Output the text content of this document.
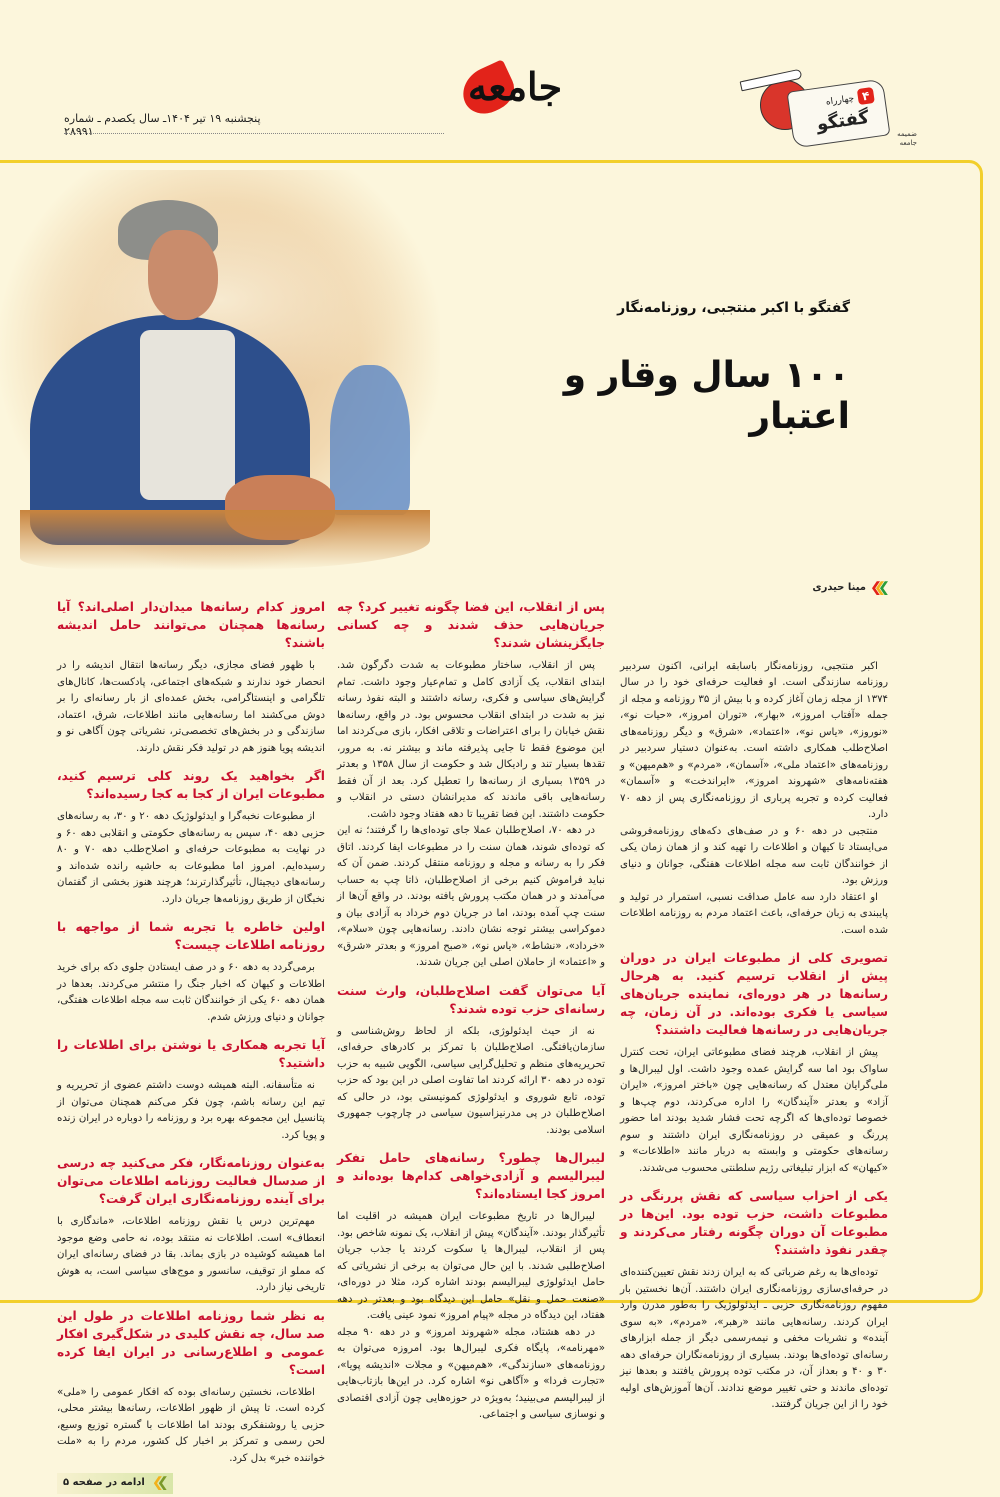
۴
چهارراه
گفتگو	ضمیمه جامعه
جامعه
پنجشنبه ۱۹ تیر ۱۴۰۴ـ سال یکصدم ـ شماره ۲۸۹۹۱
گفتگو با اکبر منتجبی، روزنامه‌نگار
۱۰۰ سال وقار و اعتبار
مینا حیدری

اکبر منتجبی، روزنامه‌نگار باسابقه ایرانی، اکنون سردبیر روزنامه سازندگی است. او فعالیت حرفه‌ای خود را در سال ۱۳۷۴ از مجله زمان آغاز کرده و با بیش از ۳۵ روزنامه و مجله از جمله «آفتاب امروز»، «بهار»، «توران امروز»، «حیات نو»، «نوروز»، «یاس نو»، «اعتماد»، «شرق» و دیگر روزنامه‌های اصلاح‌طلب همکاری داشته است. به‌عنوان دستیار سردبیر در روزنامه‌های «اعتماد ملی»، «آسمان»، «مردم» و «هم‌میهن» و هفته‌نامه‌های «شهروند امروز»، «ایراندخت» و «آسمان» فعالیت کرده و تجربه پرباری از روزنامه‌نگاری پس از دهه ۷۰ دارد.

منتجبی در دهه ۶۰ و در صف‌های دکه‌های روزنامه‌فروشی می‌ایستاد تا کیهان و اطلاعات را تهیه کند و از همان زمان یکی از خوانندگان ثابت سه مجله اطلاعات هفتگی، جوانان و دنیای ورزش بود.

او اعتقاد دارد سه عامل صداقت نسبی، استمرار در تولید و پایبندی به زبان حرفه‌ای، باعث اعتماد مردم به روزنامه اطلاعات شده است.

تصویری کلی از مطبوعات ایران در دوران پیش از انقلاب ترسیم کنید. به هرحال رسانه‌ها در هر دوره‌ای، نماینده جریان‌های سیاسی یا فکری بوده‌اند. در آن زمان، چه جریان‌هایی در رسانه‌ها فعالیت داشتند؟

پیش از انقلاب، هرچند فضای مطبوعاتی ایران، تحت کنترل ساواک بود اما سه گرایش عمده وجود داشت. اول لیبرال‌ها و ملی‌گرایان معتدل که رسانه‌هایی چون «باختر امروز»، «ایران آزاد» و بعدتر «آیندگان» را اداره می‌کردند، دوم چپ‌ها و خصوصا توده‌ای‌ها که اگرچه تحت فشار شدید بودند اما حضور پررنگ و عمیقی در روزنامه‌نگاری ایران داشتند و سوم رسانه‌های حکومتی و وابسته به دربار مانند «اطلاعات» و «کیهان» که ابزار تبلیغاتی رژیم سلطنتی محسوب می‌شدند.

یکی از احزاب سیاسی که نقش پررنگی در مطبوعات داشت، حزب توده بود. این‌ها در مطبوعات آن دوران چگونه رفتار می‌کردند و چقدر نفوذ داشتند؟

توده‌ای‌ها به رغم ضرباتی که به ایران زدند نقش تعیین‌کننده‌ای در حرفه‌ای‌سازی روزنامه‌نگاری ایران داشتند. آن‌ها نخستین بار مفهوم روزنامه‌نگاری حزبی ـ ایدئولوژیک را به‌طور مدرن وارد ایران کردند. رسانه‌هایی مانند «رهبر»، «مردم»، «به سوی آینده» و نشریات مخفی و نیمه‌رسمی دیگر از جمله ابزارهای رسانه‌ای توده‌ای‌ها بودند. بسیاری از روزنامه‌نگاران حرفه‌ای دهه ۳۰ و ۴۰ و بعداز آن، در مکتب توده پرورش یافتند و بعدها نیز توده‌ای ماندند و حتی تغییر موضع ندادند. آن‌ها آموزش‌های اولیه خود را از این جریان گرفتند.

پس از انقلاب، این فضا چگونه تغییر کرد؟ چه جریان‌هایی حذف شدند و چه کسانی جایگزینشان شدند؟

پس از انقلاب، ساختار مطبوعات به شدت دگرگون شد. ابتدای انقلاب، یک آزادی کامل و تمام‌عیار وجود داشت. تمام گرایش‌های سیاسی و فکری، رسانه داشتند و البته نفوذ رسانه نیز به شدت در ابتدای انقلاب محسوس بود. در واقع، رسانه‌ها نقش خیابان را برای اعتراضات و تلاقی افکار، بازی می‌کردند اما این موضوع فقط تا جایی پذیرفته ماند و بیشتر نه. به مرور، تقدها بسیار تند و رادیکال شد و حکومت از سال ۱۳۵۸ و بعدتر در ۱۳۵۹ بسیاری از رسانه‌ها را تعطیل کرد. بعد از آن فقط رسانه‌هایی باقی ماندند که مدیرانشان دستی در انقلاب و حکومت داشتند. این فضا تقریبا تا دهه هفتاد وجود داشت.

در دهه ۷۰، اصلاح‌طلبان عملا جای توده‌ای‌ها را گرفتند؛ نه این که توده‌ای شوند، همان سنت را در مطبوعات ایفا کردند. اتاق فکر را به رسانه و مجله و روزنامه منتقل کردند. ضمن آن که نباید فراموش کنیم برخی از اصلاح‌طلبان، ذاتا چپ به حساب می‌آمدند و در همان مکتب پرورش یافته بودند. در واقع آن‌ها از سنت چپ آمده بودند، اما در جریان دوم خرداد به آزادی بیان و دموکراسی بیشتر توجه نشان دادند. رسانه‌هایی چون «سلام»، «خرداد»، «نشاط»، «یاس نو»، «صبح امروز» و بعدتر «شرق» و «اعتماد» از حاملان اصلی این جریان شدند.

آیا می‌توان گفت اصلاح‌طلبان، وارث سنت رسانه‌ای حزب توده شدند؟

نه از حیث ایدئولوژی، بلکه از لحاظ روش‌شناسی و سازمان‌یافتگی. اصلاح‌طلبان با تمرکز بر کادرهای حرفه‌ای، تحریریه‌های منظم و تحلیل‌گرایی سیاسی، الگویی شبیه به حزب توده در دهه ۳۰ ارائه کردند اما تفاوت اصلی در این بود که حزب توده، تابع شوروی و ایدئولوژی کمونیستی بود، در حالی که اصلاح‌طلبان در پی مدرنیزاسیون سیاسی در چارچوب جمهوری اسلامی بودند.

لیبرال‌ها چطور؟ رسانه‌های حامل تفکر لیبرالیسم و آزادی‌خواهی کدام‌ها بوده‌اند و امروز کجا ایستاده‌اند؟

لیبرال‌ها در تاریخ مطبوعات ایران همیشه در اقلیت اما تأثیرگذار بودند. «آیندگان» پیش از انقلاب، یک نمونه شاخص بود. پس از انقلاب، لیبرال‌ها یا سکوت کردند یا جذب جریان اصلاح‌طلبی شدند. با این حال می‌توان به برخی از نشریاتی که حامل ایدئولوژی لیبرالیسم بودند اشاره کرد، مثلا در دوره‌ای، «صنعت حمل و نقل» حامل این دیدگاه بود و بعدتر در دهه هفتاد، این دیدگاه در مجله «پیام امروز» نمود عینی یافت.

در دهه هشتاد، مجله «شهروند امروز» و در دهه ۹۰ مجله «مهرنامه»، پایگاه فکری لیبرال‌ها بود. امروزه می‌توان به روزنامه‌های «سازندگی»، «هم‌میهن» و مجلات «اندیشه پویا»، «تجارت فردا» و «آگاهی نو» اشاره کرد. در این‌ها بازتاب‌هایی از لیبرالیسم می‌بینید؛ به‌ویژه در حوزه‌هایی چون آزادی اقتصادی و نوسازی سیاسی و اجتماعی.

امروز کدام رسانه‌ها میدان‌دار اصلی‌اند؟ آیا رسانه‌ها همچنان می‌توانند حامل اندیشه باشند؟

با ظهور فضای مجازی، دیگر رسانه‌ها انتقال اندیشه را در انحصار خود ندارند و شبکه‌های اجتماعی، پادکست‌ها، کانال‌های تلگرامی و اینستاگرامی، بخش عمده‌ای از بار رسانه‌ای را بر دوش می‌کشند اما رسانه‌هایی مانند اطلاعات، شرق، اعتماد، سازندگی و در بخش‌های تخصصی‌تر، نشریاتی چون آگاهی نو و اندیشه پویا هنوز هم در تولید فکر نقش دارند.

اگر بخواهید یک روند کلی ترسیم کنید، مطبوعات ایران از کجا به کجا رسیده‌اند؟

از مطبوعات نخبه‌گرا و ایدئولوژیک دهه ۲۰ و ۳۰، به رسانه‌های حزبی دهه ۴۰، سپس به رسانه‌های حکومتی و انقلابی دهه ۶۰ و در نهایت به مطبوعات حرفه‌ای و اصلاح‌طلب دهه ۷۰ و ۸۰ رسیده‌ایم. امروز اما مطبوعات به حاشیه رانده شده‌اند و رسانه‌های دیجیتال، تأثیرگذارترند؛ هرچند هنوز بخشی از گفتمان نخبگان از طریق روزنامه‌ها جریان دارد.

اولین خاطره یا تجربه شما از مواجهه با روزنامه اطلاعات چیست؟

برمی‌گردد به دهه ۶۰ و در صف ایستادن جلوی دکه برای خرید اطلاعات و کیهان که اخبار جنگ را منتشر می‌کردند. بعدها در همان دهه ۶۰ یکی از خوانندگان ثابت سه مجله اطلاعات هفتگی، جوانان و دنیای ورزش شدم.

آیا تجربه همکاری یا نوشتن برای اطلاعات را داشتید؟

نه متأسفانه. البته همیشه دوست داشتم عضوی از تحریریه و تیم این رسانه باشم، چون فکر می‌کنم همچنان می‌توان از پتانسیل این مجموعه بهره برد و روزنامه را دوباره در ایران زنده و پویا کرد.

به‌عنوان روزنامه‌نگار، فکر می‌کنید چه درسی از صدسال فعالیت روزنامه اطلاعات می‌توان برای آینده روزنامه‌نگاری ایران گرفت؟

مهم‌ترین درس یا نقش روزنامه اطلاعات، «ماندگاری با انعطاف» است. اطلاعات نه منتقد بوده، نه حامی وضع موجود اما همیشه کوشیده در بازی بماند. بقا در فضای رسانه‌ای ایران که مملو از توقیف، سانسور و موج‌های سیاسی است، به هوش تاریخی نیاز دارد.

به نظر شما روزنامه اطلاعات در طول این صد سال، چه نقش کلیدی در شکل‌گیری افکار عمومی و اطلاع‌رسانی در ایران ایفا کرده است؟

اطلاعات، نخستین رسانه‌ای بوده که افکار عمومی را «ملی» کرده است. تا پیش از ظهور اطلاعات، رسانه‌ها بیشتر محلی، حزبی یا روشنفکری بودند اما اطلاعات با گستره توزیع وسیع، لحن رسمی و تمرکز بر اخبار کل کشور، مردم را به «ملت خواننده خبر» بدل کرد.

ادامه در صفحه ۵
